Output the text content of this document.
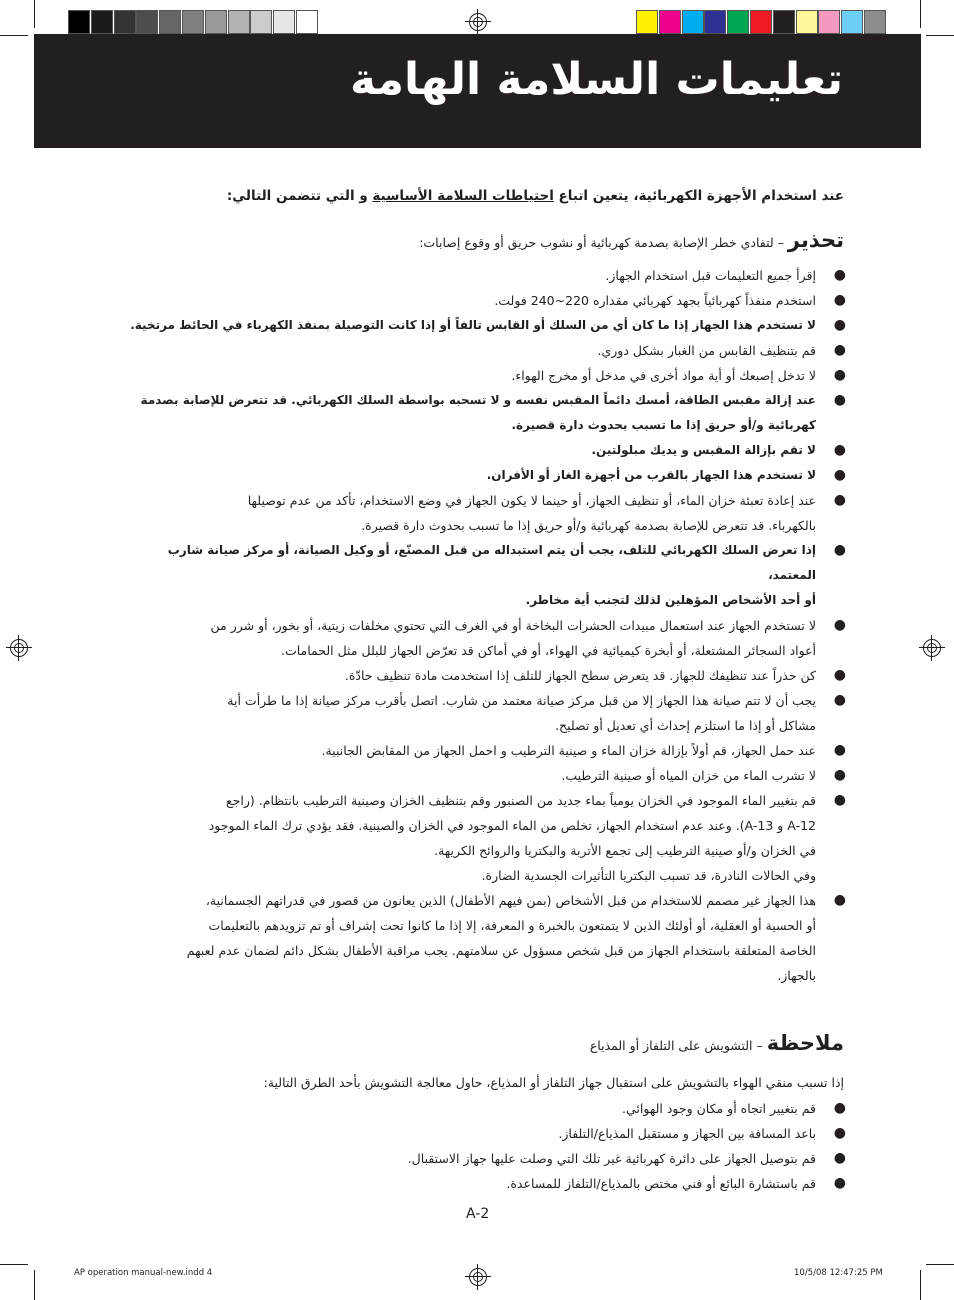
تعليمات السلامة الهامة
عند استخدام الأجهزة الكهربائية، يتعين اتباع احتياطات السلامة الأساسية و التي تتضمن التالي:
تحذير – لتفادي خطر الإصابة بصدمة كهربائية أو نشوب حريق أو وقوع إصابات:
●
إقرأ جميع التعليمات قبل استخدام الجهاز.
●
استخدم منفذاً كهربائياً بجهد كهربائي مقداره 220~240 فولت.
●
لا تستخدم هذا الجهاز إذا ما كان أي من السلك أو القابس تالفاً أو إذا كانت التوصيلة بمنفذ الكهرباء في الحائط مرتخية.
●
قم بتنظيف القابس من الغبار بشكل دوري.
●
لا تدخل إصبعك أو أية مواد أخرى في مدخل أو مخرج الهواء.
●
عند إزالة مقبس الطاقة، أمسك دائماً المقبس نفسه و لا تسحبه بواسطة السلك الكهربائي. قد تتعرض للإصابة بصدمة
كهربائية و/أو حريق إذا ما تسبب بحدوث دارة قصيرة.
●
لا تقم بإزالة المقبس و يديك مبلولتين.
●
لا تستخدم هذا الجهاز بالقرب من أجهزة الغاز أو الأفران.
●
عند إعادة تعبئة خزان الماء، أو تنظيف الجهاز، أو حينما لا يكون الجهاز في وضع الاستخدام، تأكد من عدم توصيلها
بالكهرباء. قد تتعرض للإصابة بصدمة كهربائية و/أو حريق إذا ما تسبب بحدوث دارة قصيرة.
●
إذا تعرض السلك الكهربائي للتلف، يجب أن يتم استبداله من قبل المصنّع، أو وكيل الصيانة، أو مركز صيانة شارب المعتمد،
أو أحد الأشخاص المؤهلين لذلك لتجنب أية مخاطر.
●
لا تستخدم الجهاز عند استعمال مبيدات الحشرات البخاخة أو في الغرف التي تحتوي مخلفات زيتية، أو بخور، أو شرر من
أعواد السجائر المشتعلة، أو أبخرة كيميائية في الهواء، أو في أماكن قد تعرّض الجهاز للبلل مثل الحمامات.
●
كن حذراً عند تنظيفك للجهاز. قد يتعرض سطح الجهاز للتلف إذا استخدمت مادة تنظيف حادّة.
●
يجب أن لا تتم صيانة هذا الجهاز إلا من قبل مركز صيانة معتمد من شارب. اتصل بأقرب مركز صيانة إذا ما طرأت أية
مشاكل أو إذا ما استلزم إحداث أي تعديل أو تصليح.
●
عند حمل الجهاز، قم أولاً بإزالة خزان الماء و صينية الترطيب و احمل الجهاز من المقابض الجانبية.
●
لا تشرب الماء من خزان المياه أو صينية الترطيب.
●
قم بتغيير الماء الموجود في الخزان يومياً بماء جديد من الصنبور وقم بتنظيف الخزان وصينية الترطيب بانتظام. (راجع
A-12 و A-13). وعند عدم استخدام الجهاز، تخلص من الماء الموجود في الخزان والصينية. فقد يؤدي ترك الماء الموجود
في الخزان و/أو صينية الترطيب إلى تجمع الأتربة والبكتريا والروائح الكريهة.
وفي الحالات النادرة، قد تسبب البكتريا التأثيرات الجسدية الضارة.
●
هذا الجهاز غير مصمم للاستخدام من قبل الأشخاص (بمن فيهم الأطفال) الذين يعانون من قصور في قدراتهم الجسمانية،
أو الحسية أو العقلية، أو أولئك الذين لا يتمتعون بالخبرة و المعرفة، إلا إذا ما كانوا تحت إشراف أو تم تزويدهم بالتعليمات
الخاصة المتعلقة باستخدام الجهاز من قبل شخص مسؤول عن سلامتهم. يجب مراقبة الأطفال بشكل دائم لضمان عدم لعبهم
بالجهاز.
ملاحظة – التشويش على التلفاز أو المذياع
إذا تسبب منقي الهواء بالتشويش على استقبال جهاز التلفاز أو المذياع، حاول معالجة التشويش بأحد الطرق التالية:
●
قم بتغيير اتجاه أو مكان وجود الهوائي.
●
باعد المسافة بين الجهاز و مستقبل المذياع/التلفاز.
●
قم بتوصيل الجهاز على دائرة كهربائية غير تلك التي وصلت عليها جهاز الاستقبال.
●
قم باستشارة البائع أو فني مختص بالمذياع/التلفاز للمساعدة.
A-2
AP operation manual-new.indd 4	10/5/08 12:47:25 PM
